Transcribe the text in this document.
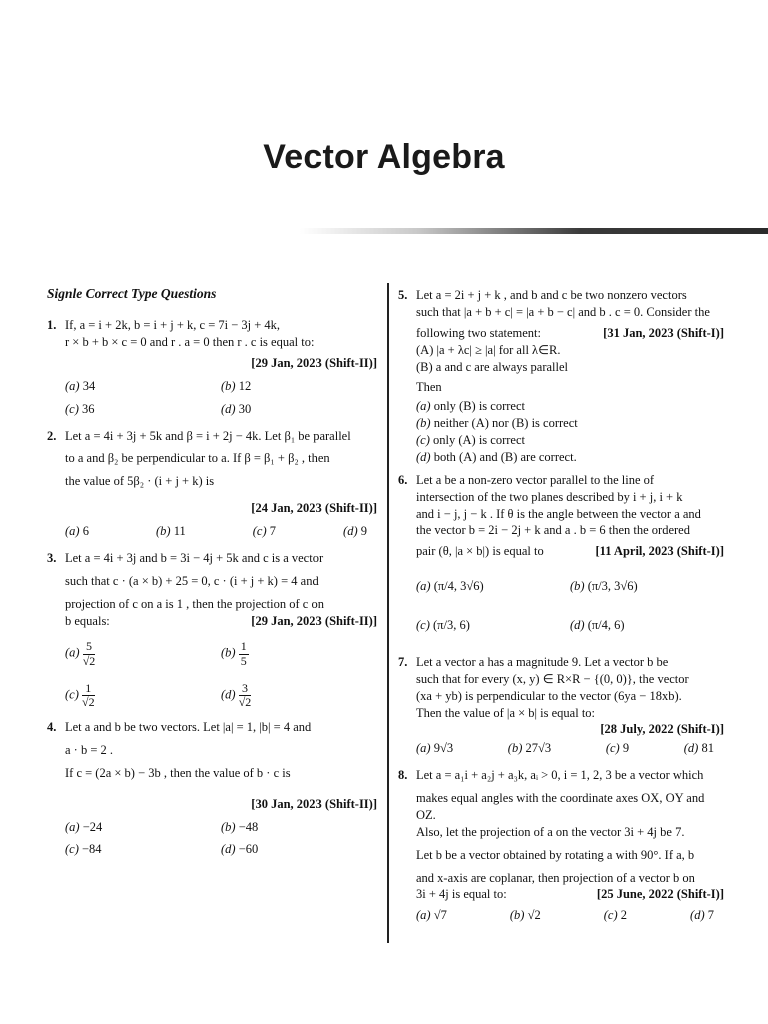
Vector Algebra
Signle Correct Type Questions
1. If, a = i + 2k, b = i + j + k, c = 7i − 3j + 4k,

r × b + b × c = 0 and r . a = 0 then r . c is equal to:

[29 Jan, 2023 (Shift-II)]
(a) 34	(b) 12
(c) 36	(d) 30
2. Let a = 4i + 3j + 5k and β = i + 2j − 4k. Let β₁ be parallel

to a and β₂ be perpendicular to a. If β = β₁ + β₂ , then

the value of 5β₂ · (i + j + k) is

[24 Jan, 2023 (Shift-II)]
(a) 6	(b) 11	(c) 7	(d) 9
3. Let a = 4i + 3j and b = 3i − 4j + 5k and c is a vector

such that c · (a × b) + 25 = 0, c · (i + j + k) = 4 and

projection of c on a is 1 , then the projection of c on

b equals:	[29 Jan, 2023 (Shift-II)]
$(a) \frac{5}{√2}$	$(b) \frac{1}{5}$
$(c) \frac{1}{√2}$	$(d) \frac{3}{√2}$
4. Let a and b be two vectors. Let |a| = 1, |b| = 4 and

a · b = 2 .

If c = (2a × b) − 3b , then the value of b · c is

[30 Jan, 2023 (Shift-II)]
(a) −24	(b) −48
(c) −84	(d) −60
5. Let a = 2i + j + k , and b and c be two nonzero vectors

such that |a + b + c| = |a + b − c| and b . c = 0. Consider the

following two statement:	[31 Jan, 2023 (Shift-I)]
(A) |a + λc| ≥ |a| for all λ∈R.
(B) a and c are always parallel
Then
(a) only (B) is correct
(b) neither (A) nor (B) is correct
(c) only (A) is correct
(d) both (A) and (B) are correct.
6. Let a be a non-zero vector parallel to the line of

intersection of the two planes described by i + j, i + k

and i − j, j − k . If θ is the angle between the vector a and

the vector b = 2i − 2j + k and a . b = 6 then the ordered

pair (θ, |a × b|) is equal to	[11 April, 2023 (Shift-I)]
(a) (π/4, 3√6)	(b) (π/3, 3√6)
(c) (π/3, 6)	(d) (π/4, 6)
7. Let a vector a has a magnitude 9. Let a vector b be

such that for every (x, y) ∈ R×R − {(0, 0)}, the vector

(xa + yb) is perpendicular to the vector (6ya − 18xb).

Then the value of |a × b| is equal to:

[28 July, 2022 (Shift-I)]
(a) 9√3	(b) 27√3	(c) 9	(d) 81
8. Let a = a₁i + a₂j + a₃k, aᵢ > 0, i = 1, 2, 3 be a vector which

makes equal angles with the coordinate axes OX, OY and OZ.

Also, let the projection of a on the vector 3i + 4j be 7.

Let b be a vector obtained by rotating a with 90°. If a, b

and x-axis are coplanar, then projection of a vector b on

3i + 4j is equal to:	[25 June, 2022 (Shift-I)]
(a) √7	(b) √2	(c) 2	(d) 7
